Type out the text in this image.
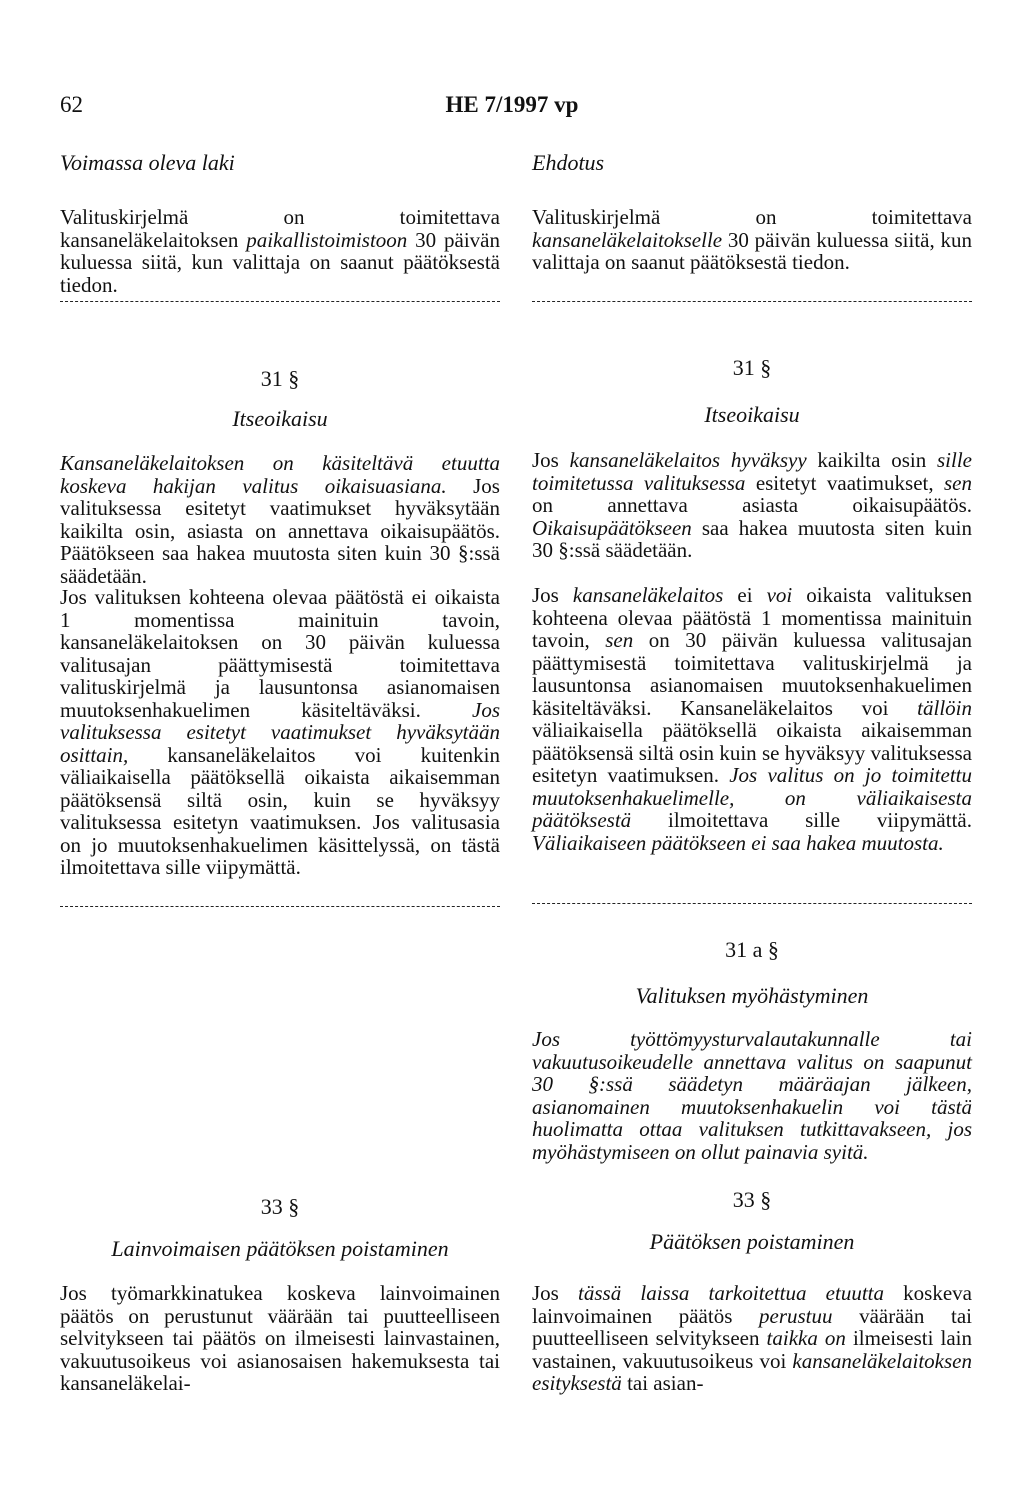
62	HE 7/1997 vp
Voimassa oleva laki

Valituskirjelmä on toimitettava kansaneläkelaitoksen paikallistoimistoon 30 päivän kuluessa siitä, kun valittaja on saanut päätöksestä tiedon.

31 §
Itseoikaisu

Kansaneläkelaitoksen on käsiteltävä etuutta koskeva hakijan valitus oikaisuasiana. Jos valituksessa esitetyt vaatimukset hyväksytään kaikilta osin, asiasta on annettava oikaisupäätös. Päätökseen saa hakea muutosta siten kuin 30 §:ssä säädetään.

Jos valituksen kohteena olevaa päätöstä ei oikaista 1 momentissa mainituin tavoin, kansaneläkelaitoksen on 30 päivän kuluessa valitusajan päättymisestä toimitettava valituskirjelmä ja lausuntonsa asianomaisen muutoksenhakuelimen käsiteltäväksi. Jos valituksessa esitetyt vaatimukset hyväksytään osittain, kansaneläkelaitos voi kuitenkin väliaikaisella päätöksellä oikaista aikaisemman päätöksensä siltä osin, kuin se hyväksyy valituksessa esitetyn vaatimuksen. Jos valitusasia on jo muutoksenhakuelimen käsittelyssä, on tästä ilmoitettava sille viipymättä.

33 §
Lainvoimaisen päätöksen poistaminen

Jos työmarkkinatukea koskeva lainvoimainen päätös on perustunut väärään tai puutteelliseen selvitykseen tai päätös on ilmeisesti lainvastainen, vakuutusoikeus voi asianosaisen hakemuksesta tai kansaneläkelai-

Ehdotus

Valituskirjelmä on toimitettava kansaneläkelaitokselle 30 päivän kuluessa siitä, kun valittaja on saanut päätöksestä tiedon.

31 §
Itseoikaisu

Jos kansaneläkelaitos hyväksyy kaikilta osin sille toimitetussa valituksessa esitetyt vaatimukset, sen on annettava asiasta oikaisupäätös. Oikaisupäätökseen saa hakea muutosta siten kuin 30 §:ssä säädetään.

Jos kansaneläkelaitos ei voi oikaista valituksen kohteena olevaa päätöstä 1 momentissa mainituin tavoin, sen on 30 päivän kuluessa valitusajan päättymisestä toimitettava valituskirjelmä ja lausuntonsa asianomaisen muutoksenhakuelimen käsiteltäväksi. Kansaneläkelaitos voi tällöin väliaikaisella päätöksellä oikaista aikaisemman päätöksensä siltä osin kuin se hyväksyy valituksessa esitetyn vaatimuksen. Jos valitus on jo toimitettu muutoksenhakuelimelle, on väliaikaisesta päätöksestä ilmoitettava sille viipymättä. Väliaikaiseen päätökseen ei saa hakea muutosta.

31 a §
Valituksen myöhästyminen

Jos työttömyysturvalautakunnalle tai vakuutusoikeudelle annettava valitus on saapunut 30 §:ssä säädetyn määräajan jälkeen, asianomainen muutoksenhakuelin voi tästä huolimatta ottaa valituksen tutkittavakseen, jos myöhästymiseen on ollut painavia syitä.

33 §
Päätöksen poistaminen

Jos tässä laissa tarkoitettua etuutta koskeva lainvoimainen päätös perustuu väärään tai puutteelliseen selvitykseen taikka on ilmeisesti lain vastainen, vakuutusoikeus voi kansaneläkelaitoksen esityksestä tai asian-
